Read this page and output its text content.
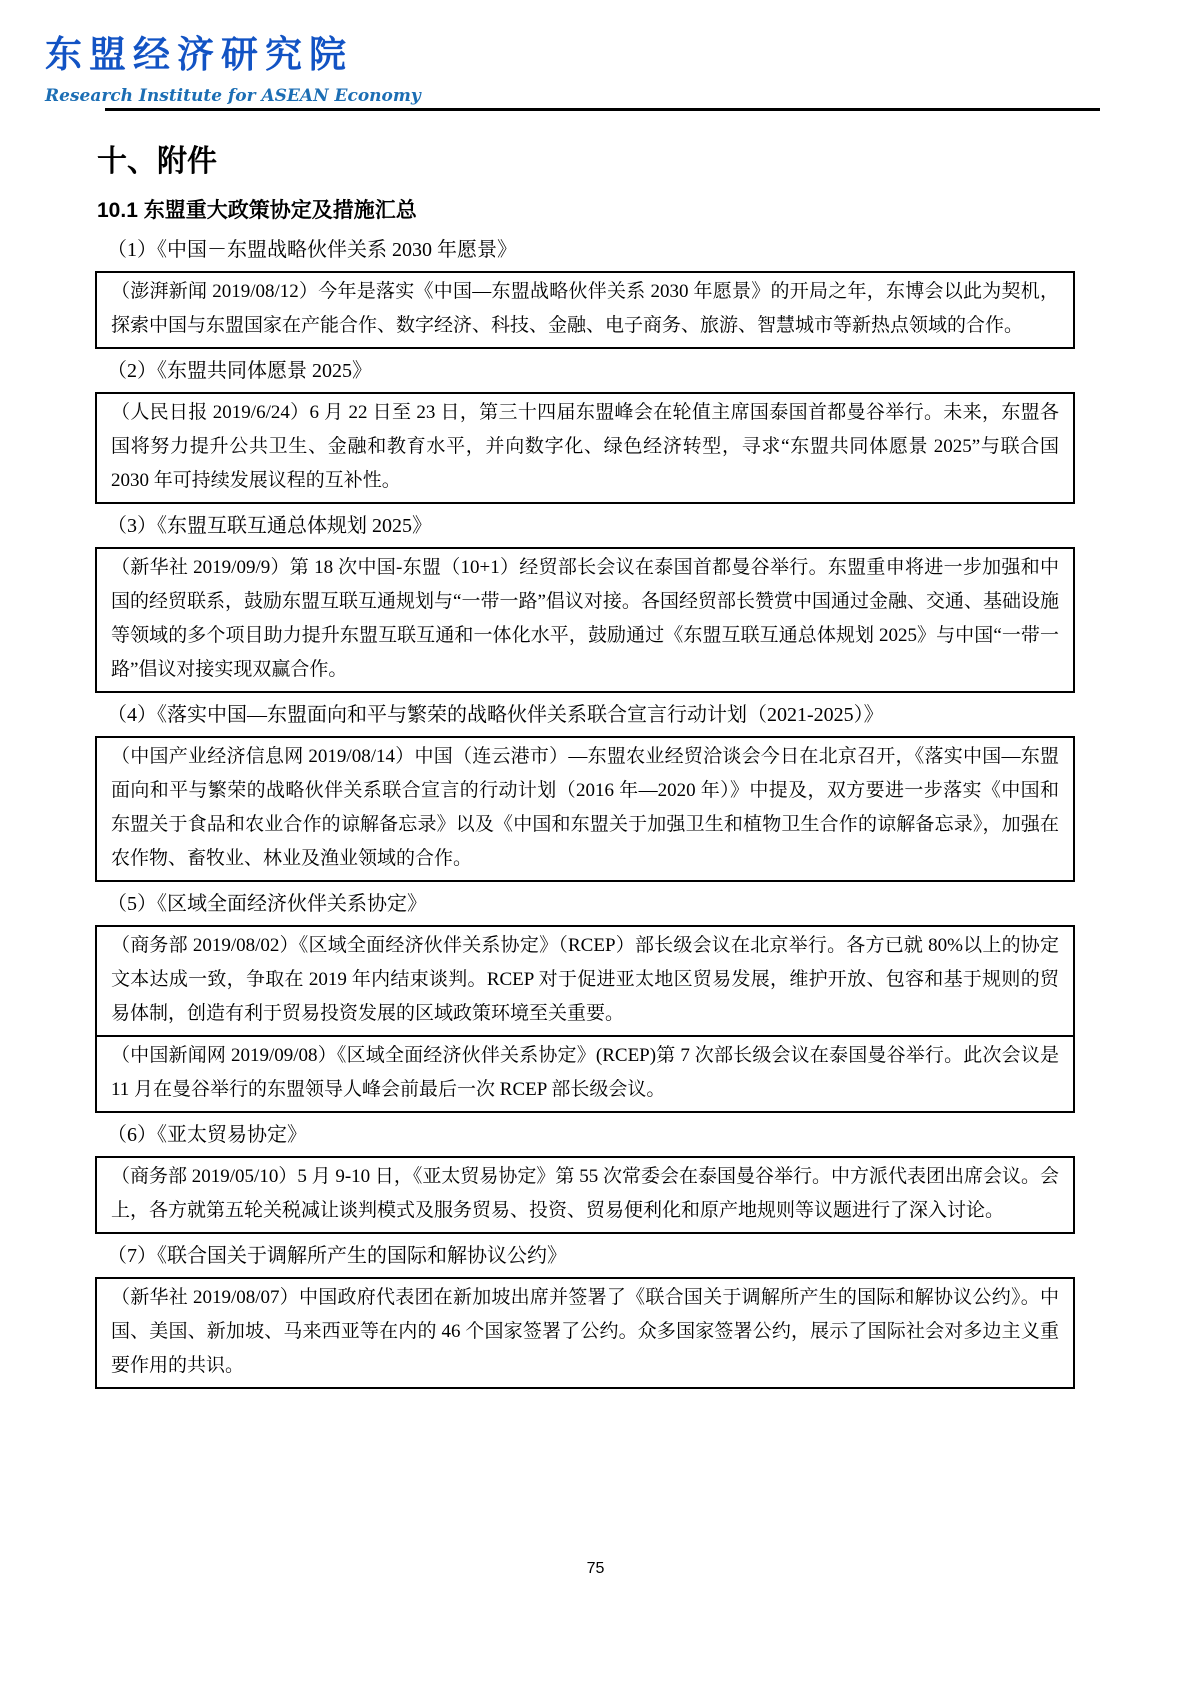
东盟经济研究院
Research Institute for ASEAN Economy
十、附件
10.1 东盟重大政策协定及措施汇总
（1）《中国－东盟战略伙伴关系 2030 年愿景》
（澎湃新闻 2019/08/12）今年是落实《中国—东盟战略伙伴关系 2030 年愿景》的开局之年，东博会以此为契机，探索中国与东盟国家在产能合作、数字经济、科技、金融、电子商务、旅游、智慧城市等新热点领域的合作。
（2）《东盟共同体愿景 2025》
（人民日报 2019/6/24）6 月 22 日至 23 日，第三十四届东盟峰会在轮值主席国泰国首都曼谷举行。未来，东盟各国将努力提升公共卫生、金融和教育水平，并向数字化、绿色经济转型，寻求“东盟共同体愿景 2025”与联合国 2030 年可持续发展议程的互补性。
（3）《东盟互联互通总体规划 2025》
（新华社 2019/09/9）第 18 次中国-东盟（10+1）经贸部长会议在泰国首都曼谷举行。东盟重申将进一步加强和中国的经贸联系，鼓励东盟互联互通规划与“一带一路”倡议对接。各国经贸部长赞赏中国通过金融、交通、基础设施等领域的多个项目助力提升东盟互联互通和一体化水平，鼓励通过《东盟互联互通总体规划 2025》与中国“一带一路”倡议对接实现双赢合作。
（4）《落实中国—东盟面向和平与繁荣的战略伙伴关系联合宣言行动计划（2021-2025）》
（中国产业经济信息网 2019/08/14）中国（连云港市）—东盟农业经贸洽谈会今日在北京召开，《落实中国—东盟面向和平与繁荣的战略伙伴关系联合宣言的行动计划（2016 年—2020 年）》中提及，双方要进一步落实《中国和东盟关于食品和农业合作的谅解备忘录》以及《中国和东盟关于加强卫生和植物卫生合作的谅解备忘录》，加强在农作物、畜牧业、林业及渔业领域的合作。
（5）《区域全面经济伙伴关系协定》
（商务部 2019/08/02）《区域全面经济伙伴关系协定》（RCEP）部长级会议在北京举行。各方已就 80%以上的协定文本达成一致，争取在 2019 年内结束谈判。RCEP 对于促进亚太地区贸易发展，维护开放、包容和基于规则的贸易体制，创造有利于贸易投资发展的区域政策环境至关重要。
（中国新闻网 2019/09/08）《区域全面经济伙伴关系协定》(RCEP)第 7 次部长级会议在泰国曼谷举行。此次会议是 11 月在曼谷举行的东盟领导人峰会前最后一次 RCEP 部长级会议。
（6）《亚太贸易协定》
（商务部 2019/05/10）5 月 9-10 日，《亚太贸易协定》第 55 次常委会在泰国曼谷举行。中方派代表团出席会议。会上，各方就第五轮关税减让谈判模式及服务贸易、投资、贸易便利化和原产地规则等议题进行了深入讨论。
（7）《联合国关于调解所产生的国际和解协议公约》
（新华社 2019/08/07）中国政府代表团在新加坡出席并签署了《联合国关于调解所产生的国际和解协议公约》。中国、美国、新加坡、马来西亚等在内的 46 个国家签署了公约。众多国家签署公约，展示了国际社会对多边主义重要作用的共识。
75
